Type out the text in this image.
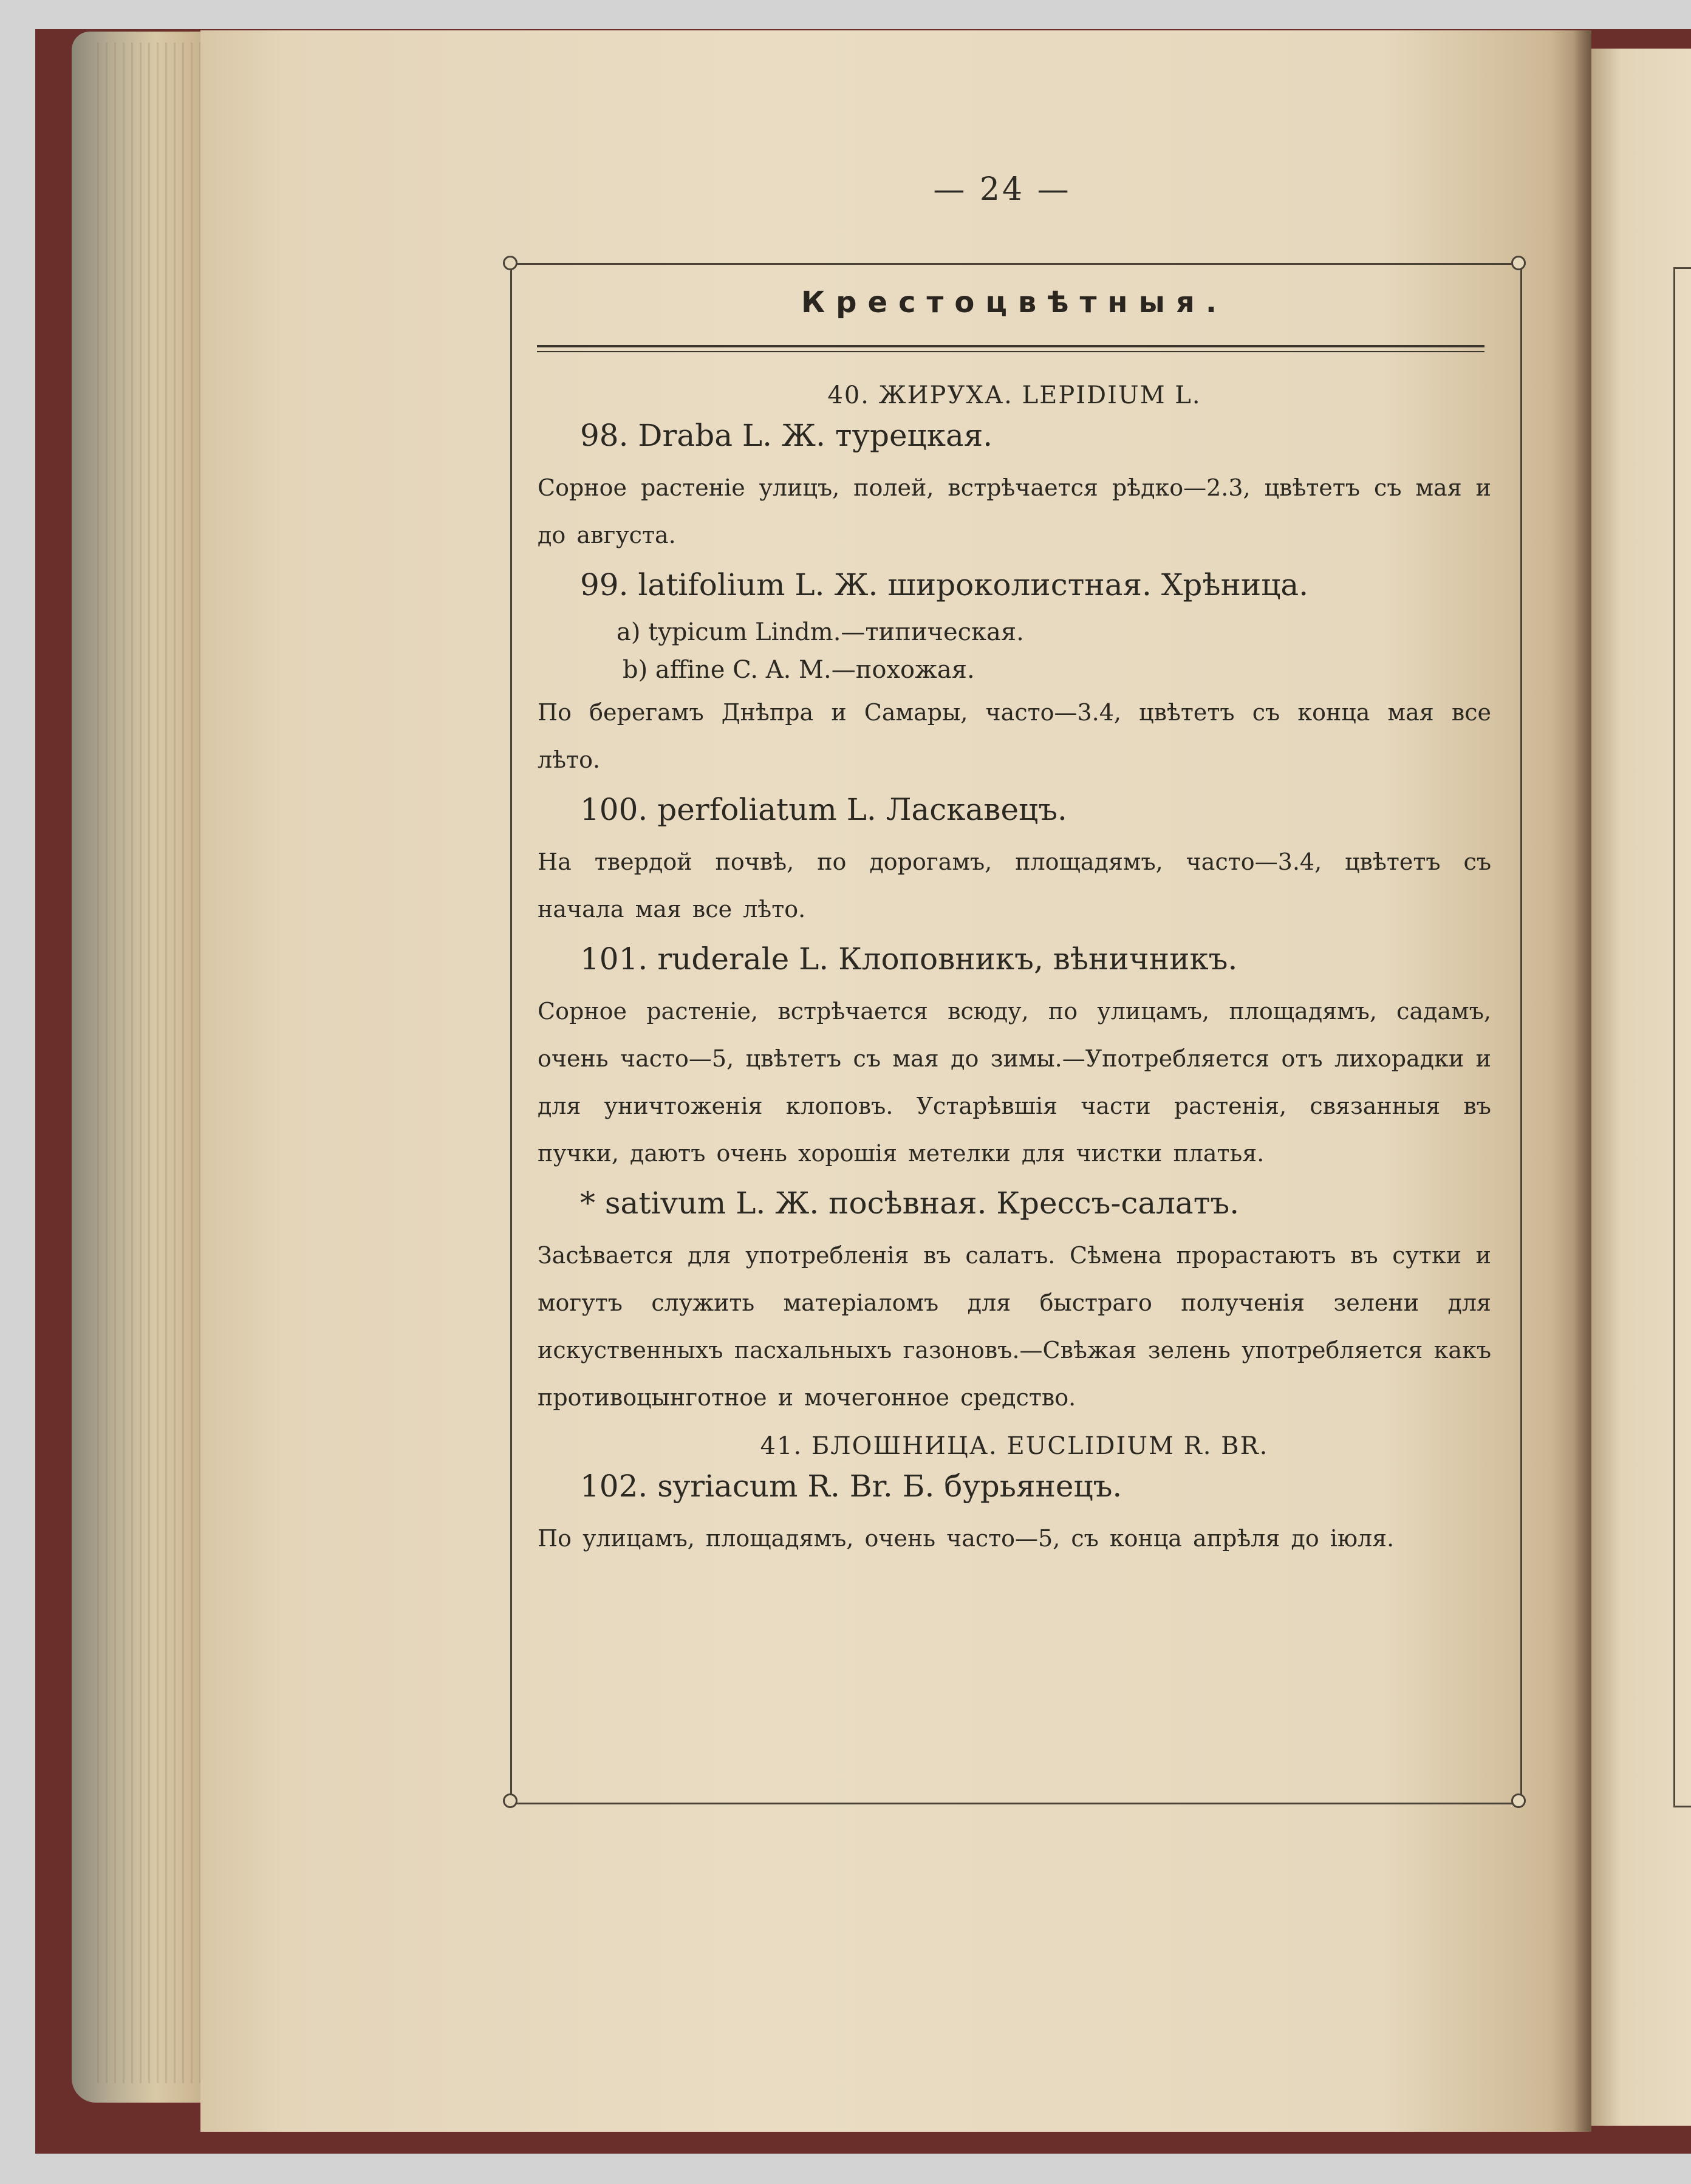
— 24 —
Крестоцвѣтныя.
40. ЖИРУХА. LEPIDIUM L.
98. Draba L. Ж. турецкая.
Сорное растеніе улицъ, полей, встрѣчается рѣдко—2.3, цвѣтетъ съ мая и до августа.
99. latifolium L. Ж. широколистная. Хрѣница.
a) typicum Lindm.—типическая.
b) affine C. A. M.—похожая.
По берегамъ Днѣпра и Самары, часто—3.4, цвѣтетъ съ конца мая все лѣто.
100. perfoliatum L. Ласкавецъ.
На твердой почвѣ, по дорогамъ, площадямъ, часто—3.4, цвѣтетъ съ начала мая все лѣто.
101. ruderale L. Клоповникъ, вѣничникъ.
Сорное растеніе, встрѣчается всюду, по улицамъ, площадямъ, садамъ, очень часто—5, цвѣтетъ съ мая до зимы.—Употребляется отъ лихорадки и для уничтоженія клоповъ. Устарѣвшія части растенія, связанныя въ пучки, даютъ очень хорошія метелки для чистки платья.
* sativum L. Ж. посѣвная. Крессъ-салатъ.
Засѣвается для употребленія въ салатъ. Сѣмена прорастаютъ въ сутки и могутъ служить матеріаломъ для быстраго полученія зелени для искуственныхъ пасхальныхъ газоновъ.—Свѣжая зелень употребляется какъ противоцынготное и мочегонное средство.
41. БЛОШНИЦА. EUCLIDIUM R. BR.
102. syriacum R. Br. Б. бурьянецъ.
По улицамъ, площадямъ, очень часто—5, съ конца апрѣля до іюля.
